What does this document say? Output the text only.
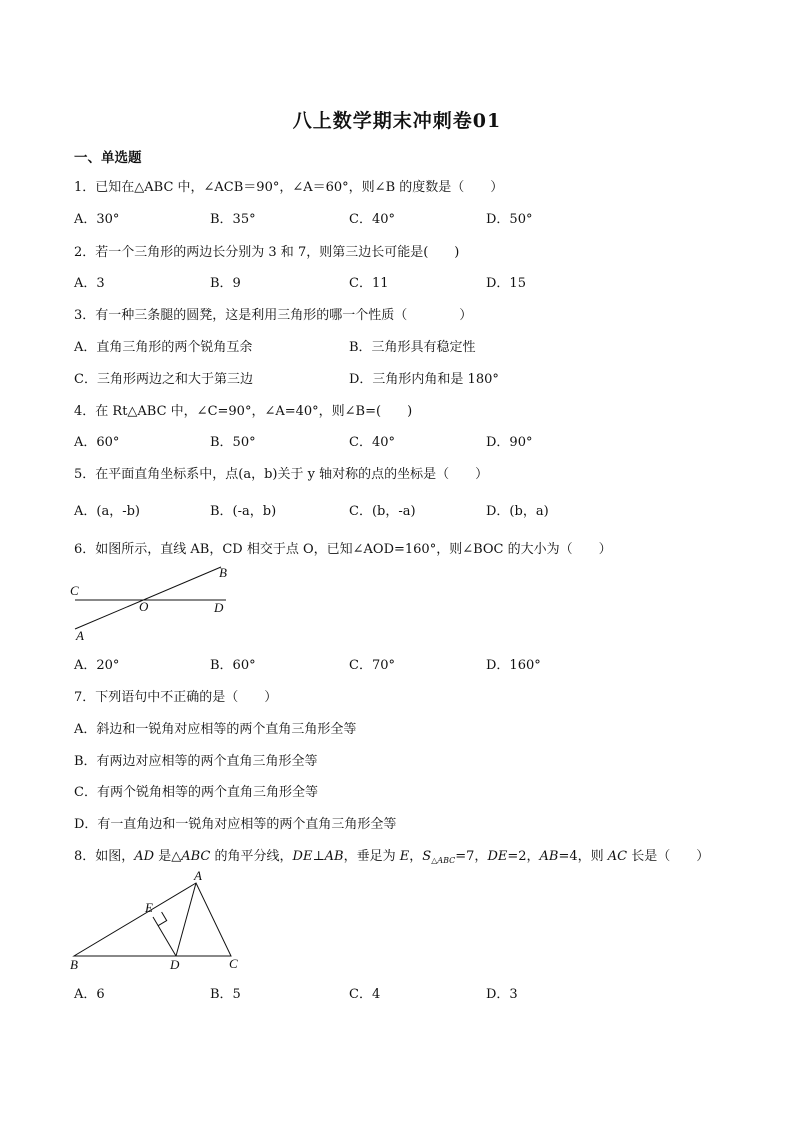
八上数学期末冲刺卷01
一、单选题
1．已知在△ABC 中，∠ACB＝90°，∠A＝60°，则∠B 的度数是（　　）
A．30°	B．35°	C．40°	D．50°
2．若一个三角形的两边长分别为 3 和 7，则第三边长可能是(　　)
A．3	B．9	C．11	D．15
3．有一种三条腿的圆凳，这是利用三角形的哪一个性质（　　　　）
A．直角三角形的两个锐角互余	B．三角形具有稳定性
C．三角形两边之和大于第三边	D．三角形内角和是 180°
4．在 Rt△ABC 中，∠C=90°，∠A=40°，则∠B=(　　)
A．60°	B．50°	C．40°	D．90°
5．在平面直角坐标系中，点(a，b)关于 y 轴对称的点的坐标是（　　）
A．(a，-b)	B．(-a，b)	C．(b，-a)	D．(b，a)
6．如图所示，直线 AB，CD 相交于点 O，已知∠AOD=160°，则∠BOC 的大小为（　　）
C
O	D
B
A
A．20°	B．60°	C．70°	D．160°
7．下列语句中不正确的是（　　）
A．斜边和一锐角对应相等的两个直角三角形全等
B．有两边对应相等的两个直角三角形全等
C．有两个锐角相等的两个直角三角形全等
D．有一直角边和一锐角对应相等的两个直角三角形全等
8．如图，AD 是△ABC 的角平分线，DE⊥AB，垂足为 E，$S_{\triangle ABC}=7$，DE=2，AB=4，则 AC 长是（　　）
A
E
B	D	C
A．6	B．5	C．4	D．3
